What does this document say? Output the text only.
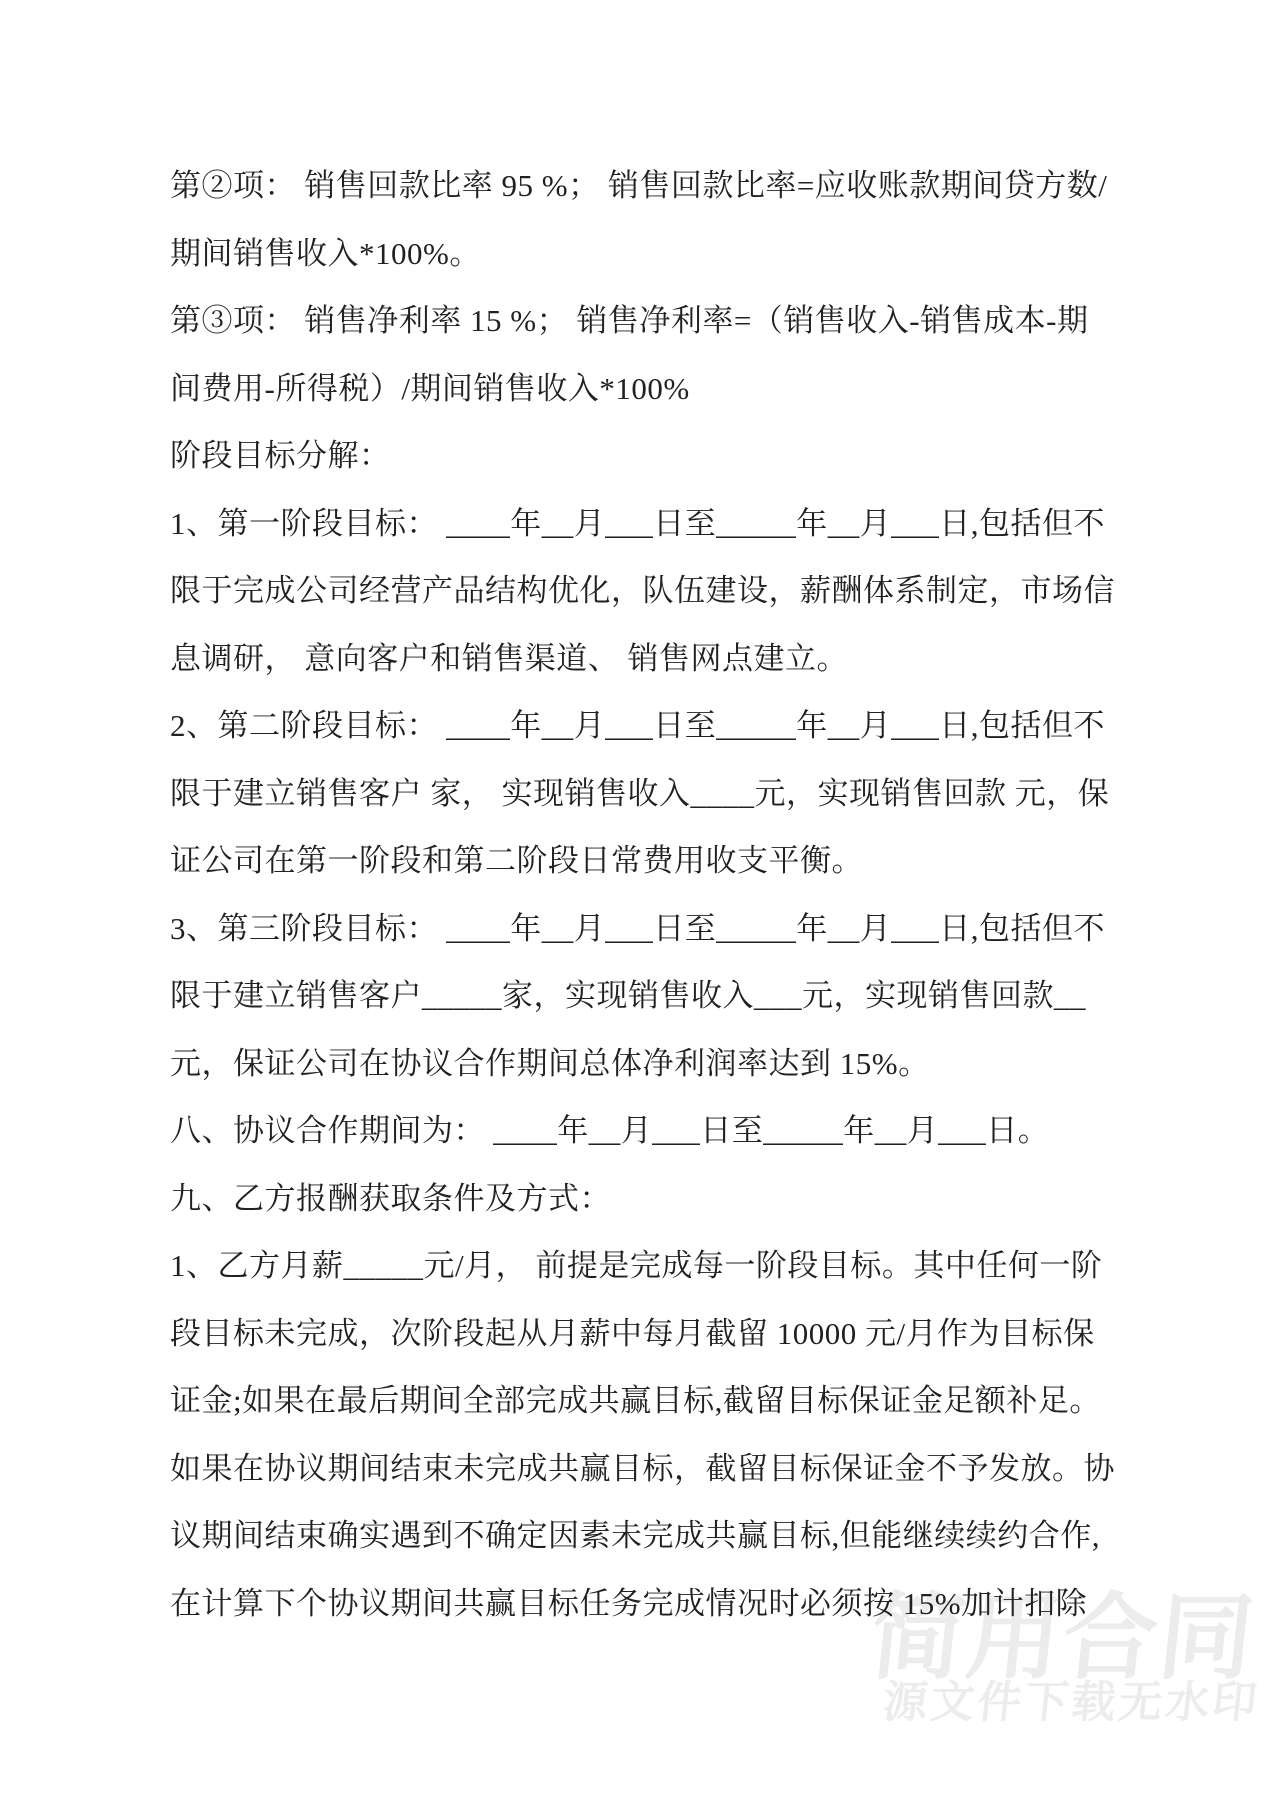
简用合同
源文件下载无水印
第②项： 销售回款比率 95 %； 销售回款比率=应收账款期间贷方数/
期间销售收入*100%。
第③项： 销售净利率 15 %； 销售净利率=（销售收入-销售成本-期
间费用-所得税）/期间销售收入*100%
阶段目标分解：
1、第一阶段目标： ____年__月___日至_____年__月___日,包括但不
限于完成公司经营产品结构优化，队伍建设，薪酬体系制定，市场信
息调研， 意向客户和销售渠道、 销售网点建立。
2、第二阶段目标： ____年__月___日至_____年__月___日,包括但不
限于建立销售客户 家， 实现销售收入____元，实现销售回款 元，保
证公司在第一阶段和第二阶段日常费用收支平衡。
3、第三阶段目标： ____年__月___日至_____年__月___日,包括但不
限于建立销售客户_____家，实现销售收入___元，实现销售回款__
元，保证公司在协议合作期间总体净利润率达到 15%。
八、协议合作期间为： ____年__月___日至_____年__月___日。
九、乙方报酬获取条件及方式：
1、乙方月薪_____元/月， 前提是完成每一阶段目标。其中任何一阶
段目标未完成，次阶段起从月薪中每月截留 10000 元/月作为目标保
证金;如果在最后期间全部完成共赢目标,截留目标保证金足额补足。
如果在协议期间结束未完成共赢目标，截留目标保证金不予发放。协
议期间结束确实遇到不确定因素未完成共赢目标,但能继续续约合作,
在计算下个协议期间共赢目标任务完成情况时必须按 15%加计扣除
